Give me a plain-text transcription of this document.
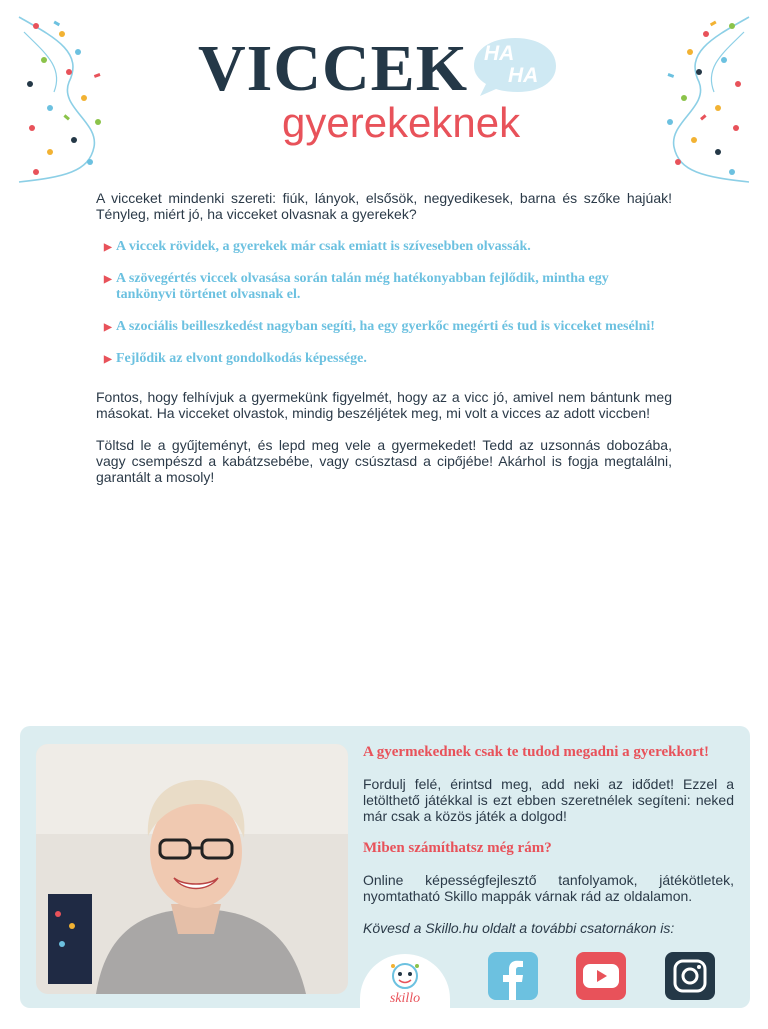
VICCEK HA
HA
gyerekeknek

A vicceket mindenki szereti: fiúk, lányok, elsősök, negyedikesek, barna és szőke hajúak! Tényleg, miért jó, ha vicceket olvasnak a gyerekek?

▶ A viccek rövidek, a gyerekek már csak emiatt is szívesebben olvassák.
▶ A szövegértés viccek olvasása során talán még hatékonyabban fejlődik, mintha egy tankönyvi történet olvasnak el.
▶ A szociális beilleszkedést nagyban segíti, ha egy gyerkőc megérti és tud is vicceket mesélni!
▶ Fejlődik az elvont gondolkodás képessége.

Fontos, hogy felhívjuk a gyermekünk figyelmét, hogy az a vicc jó, amivel nem bántunk meg másokat. Ha vicceket olvastok, mindig beszéljétek meg, mi volt a vicces az adott viccben!

Töltsd le a gyűjteményt, és lepd meg vele a gyermekedet! Tedd az uzsonnás dobozába, vagy csempészd a kabátzsebébe, vagy csúsztasd a cipőjébe! Akárhol is fogja megtalálni, garantált a mosoly!

A gyermekednek csak te tudod megadni a gyerekkort!

Fordulj felé, érintsd meg, add neki az idődet! Ezzel a letölthető játékkal is ezt ebben szeretnélek segíteni: neked már csak a közös játék a dolgod!

Miben számíthatsz még rám?

Online képességfejlesztő tanfolyamok, játékötletek, nyomtatható Skillo mappák várnak rád az oldalamon.

Kövesd a Skillo.hu oldalt a további csatornákon is:

skillo
